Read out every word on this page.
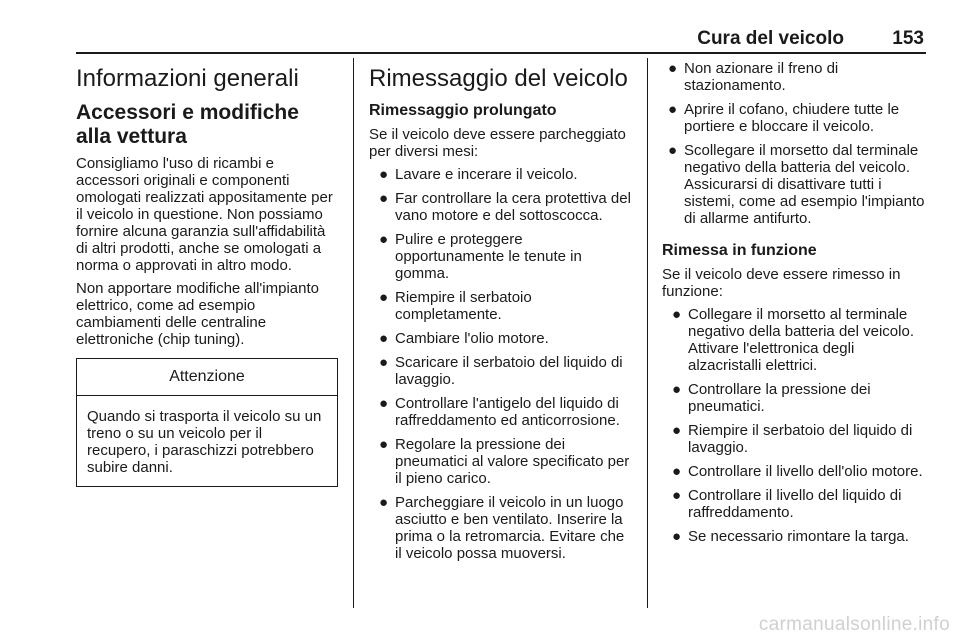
Cura del veicolo	153
Informazioni generali
Accessori e modifiche alla vettura

Consigliamo l'uso di ricambi e accessori originali e componenti omologati realizzati appositamente per il veicolo in questione. Non possiamo fornire alcuna garanzia sull'affidabilità di altri prodotti, anche se omologati a norma o approvati in altro modo.

Non apportare modifiche all'impianto elettrico, come ad esempio cambiamenti delle centraline elettroniche (chip tuning).

Attenzione
Quando si trasporta il veicolo su un treno o su un veicolo per il recupero, i paraschizzi potrebbero subire danni.
Rimessaggio del veicolo
Rimessaggio prolungato

Se il veicolo deve essere parcheggiato per diversi mesi:

● Lavare e incerare il veicolo.
● Far controllare la cera protettiva del vano motore e del sottoscocca.
● Pulire e proteggere opportunamente le tenute in gomma.
● Riempire il serbatoio completamente.
● Cambiare l'olio motore.
● Scaricare il serbatoio del liquido di lavaggio.
● Controllare l'antigelo del liquido di raffreddamento ed anticorrosione.
● Regolare la pressione dei pneumatici al valore specificato per il pieno carico.
● Parcheggiare il veicolo in un luogo asciutto e ben ventilato. Inserire la prima o la retromarcia. Evitare che il veicolo possa muoversi.
● Non azionare il freno di stazionamento.
● Aprire il cofano, chiudere tutte le portiere e bloccare il veicolo.
● Scollegare il morsetto dal terminale negativo della batteria del veicolo. Assicurarsi di disattivare tutti i sistemi, come ad esempio l'impianto di allarme antifurto.
Rimessa in funzione

Se il veicolo deve essere rimesso in funzione:

● Collegare il morsetto al terminale negativo della batteria del veicolo. Attivare l'elettronica degli alzacristalli elettrici.
● Controllare la pressione dei pneumatici.
● Riempire il serbatoio del liquido di lavaggio.
● Controllare il livello dell'olio motore.
● Controllare il livello del liquido di raffreddamento.
● Se necessario rimontare la targa.
carmanualsonline.info
